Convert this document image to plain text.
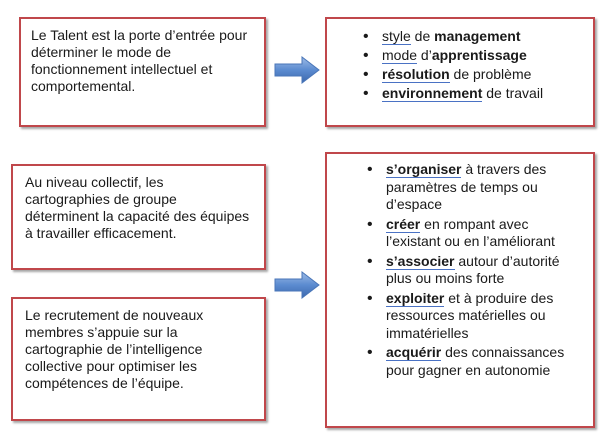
Le Talent est la porte d’entrée pour déterminer le mode de fonctionnement intellectuel et comportemental.

Au niveau collectif, les cartographies de groupe déterminent la capacité des équipes à travailler efficacement.

Le recrutement de nouveaux membres s’appuie sur la cartographie de l’intelligence collective pour optimiser les compétences de l’équipe.

• style de management
• mode d’apprentissage
• résolution de problème
• environnement de travail
• s’organiser à travers des paramètres de temps ou d’espace
• créer en rompant avec l’existant ou en l’améliorant
• s’associer autour d’autorité plus ou moins forte
• exploiter et à produire des ressources matérielles ou immatérielles
• acquérir des connaissances pour gagner en autonomie
